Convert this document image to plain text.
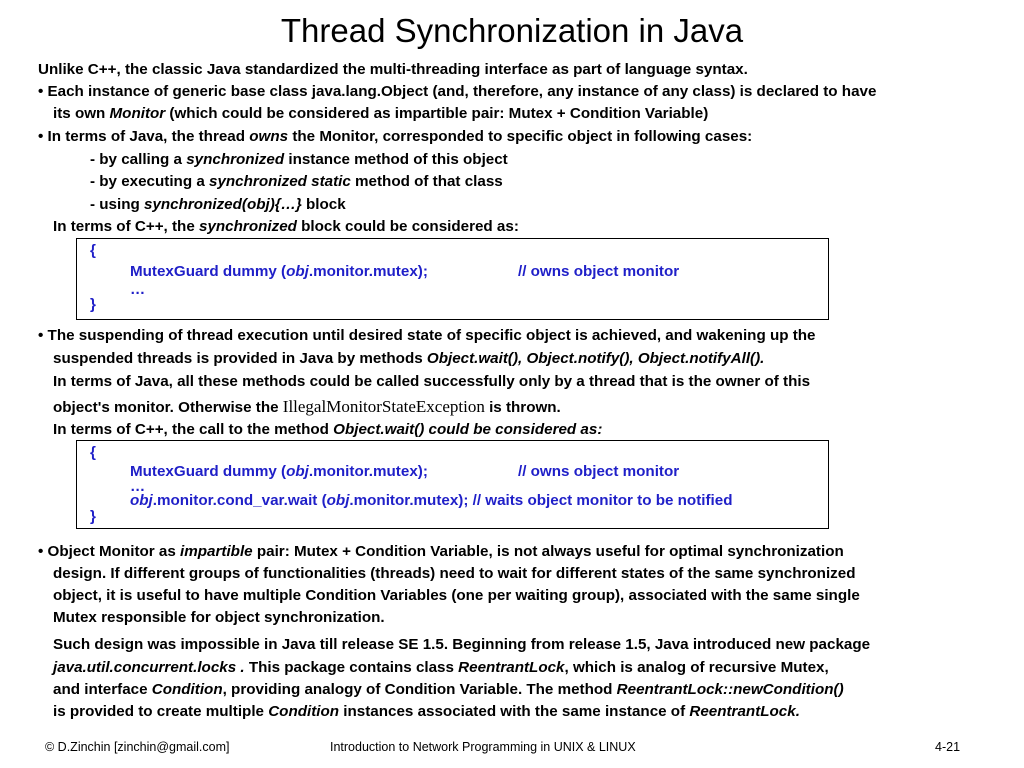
Thread Synchronization in Java
Unlike C++, the classic Java standardized the multi-threading interface as part of language syntax.
• Each instance of generic base class java.lang.Object (and, therefore, any instance of any class) is declared to have
its own Monitor (which could be considered as impartible pair: Mutex + Condition Variable)
• In terms of Java, the thread owns the Monitor, corresponded to specific object in following cases:
- by calling a synchronized instance method of this object
- by executing a synchronized static method of that class
- using synchronized(obj){…} block
In terms of C++, the synchronized block could be considered as:
{
MutexGuard dummy (obj.monitor.mutex);	// owns object monitor
…
}
• The suspending of thread execution until desired state of specific object is achieved, and wakening up the
suspended threads is provided in Java by methods Object.wait(), Object.notify(), Object.notifyAll().
In terms of Java, all these methods could be called successfully only by a thread that is the owner of this
object's monitor. Otherwise the IllegalMonitorStateException is thrown.
In terms of C++, the call to the method Object.wait() could be considered as:
{
MutexGuard dummy (obj.monitor.mutex);	// owns object monitor
…
obj.monitor.cond_var.wait (obj.monitor.mutex); // waits object monitor to be notified
}
• Object Monitor as impartible pair: Mutex + Condition Variable, is not always useful for optimal synchronization
design. If different groups of functionalities (threads) need to wait for different states of the same synchronized
object, it is useful to have multiple Condition Variables (one per waiting group), associated with the same single
Mutex responsible for object synchronization.
Such design was impossible in Java till release SE 1.5. Beginning from release 1.5, Java introduced new package
java.util.concurrent.locks . This package contains class ReentrantLock, which is analog of recursive Mutex,
and interface Condition, providing analogy of Condition Variable. The method ReentrantLock::newCondition()
is provided to create multiple Condition instances associated with the same instance of ReentrantLock.
© D.Zinchin [zinchin@gmail.com]	Introduction to Network Programming in UNIX & LINUX	4-21
